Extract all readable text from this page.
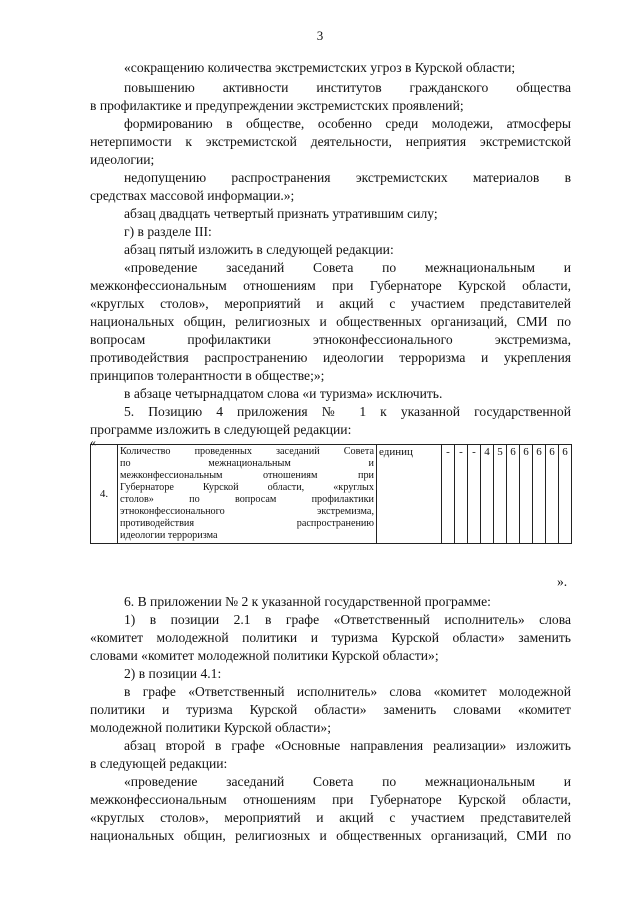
3
«сокращению количества экстремистских угроз в Курской области;
повышению активности институтов гражданского общества
в профилактике и предупреждении экстремистских проявлений;
формированию в обществе, особенно среди молодежи, атмосферы
нетерпимости к экстремистской деятельности, неприятия экстремистской
идеологии;
недопущению распространения экстремистских материалов в
средствах массовой информации.»;
абзац двадцать четвертый признать утратившим силу;
г) в разделе III:
абзац пятый изложить в следующей редакции:
«проведение заседаний Совета по межнациональным и
межконфессиональным отношениям при Губернаторе Курской области,
«круглых столов», мероприятий и акций с участием представителей
национальных общин, религиозных и общественных организаций, СМИ по
вопросам профилактики этноконфессионального экстремизма,
противодействия распространению идеологии терроризма и укрепления
принципов толерантности в обществе;»;
в абзаце четырнадцатом слова «и туризма» исключить.
5. Позицию 4 приложения № 1 к указанной государственной
программе изложить в следующей редакции:
«
4.	
Количество проведенных заседаний Совета
по межнациональным и
межконфессиональным отношениям при
Губернаторе Курской области, «круглых
столов» по вопросам профилактики
этноконфессионального экстремизма,
противодействия распространению
идеологии терроризма
	единиц	-	-	-	4	5	6	6	6	6	6
».
6. В приложении № 2 к указанной государственной программе:
1) в позиции 2.1 в графе «Ответственный исполнитель» слова
«комитет молодежной политики и туризма Курской области» заменить
словами «комитет молодежной политики Курской области»;
2) в позиции 4.1:
в графе «Ответственный исполнитель» слова «комитет молодежной
политики и туризма Курской области» заменить словами «комитет
молодежной политики Курской области»;
абзац второй в графе «Основные направления реализации» изложить
в следующей редакции:
«проведение заседаний Совета по межнациональным и
межконфессиональным отношениям при Губернаторе Курской области,
«круглых столов», мероприятий и акций с участием представителей
национальных общин, религиозных и общественных организаций, СМИ по
